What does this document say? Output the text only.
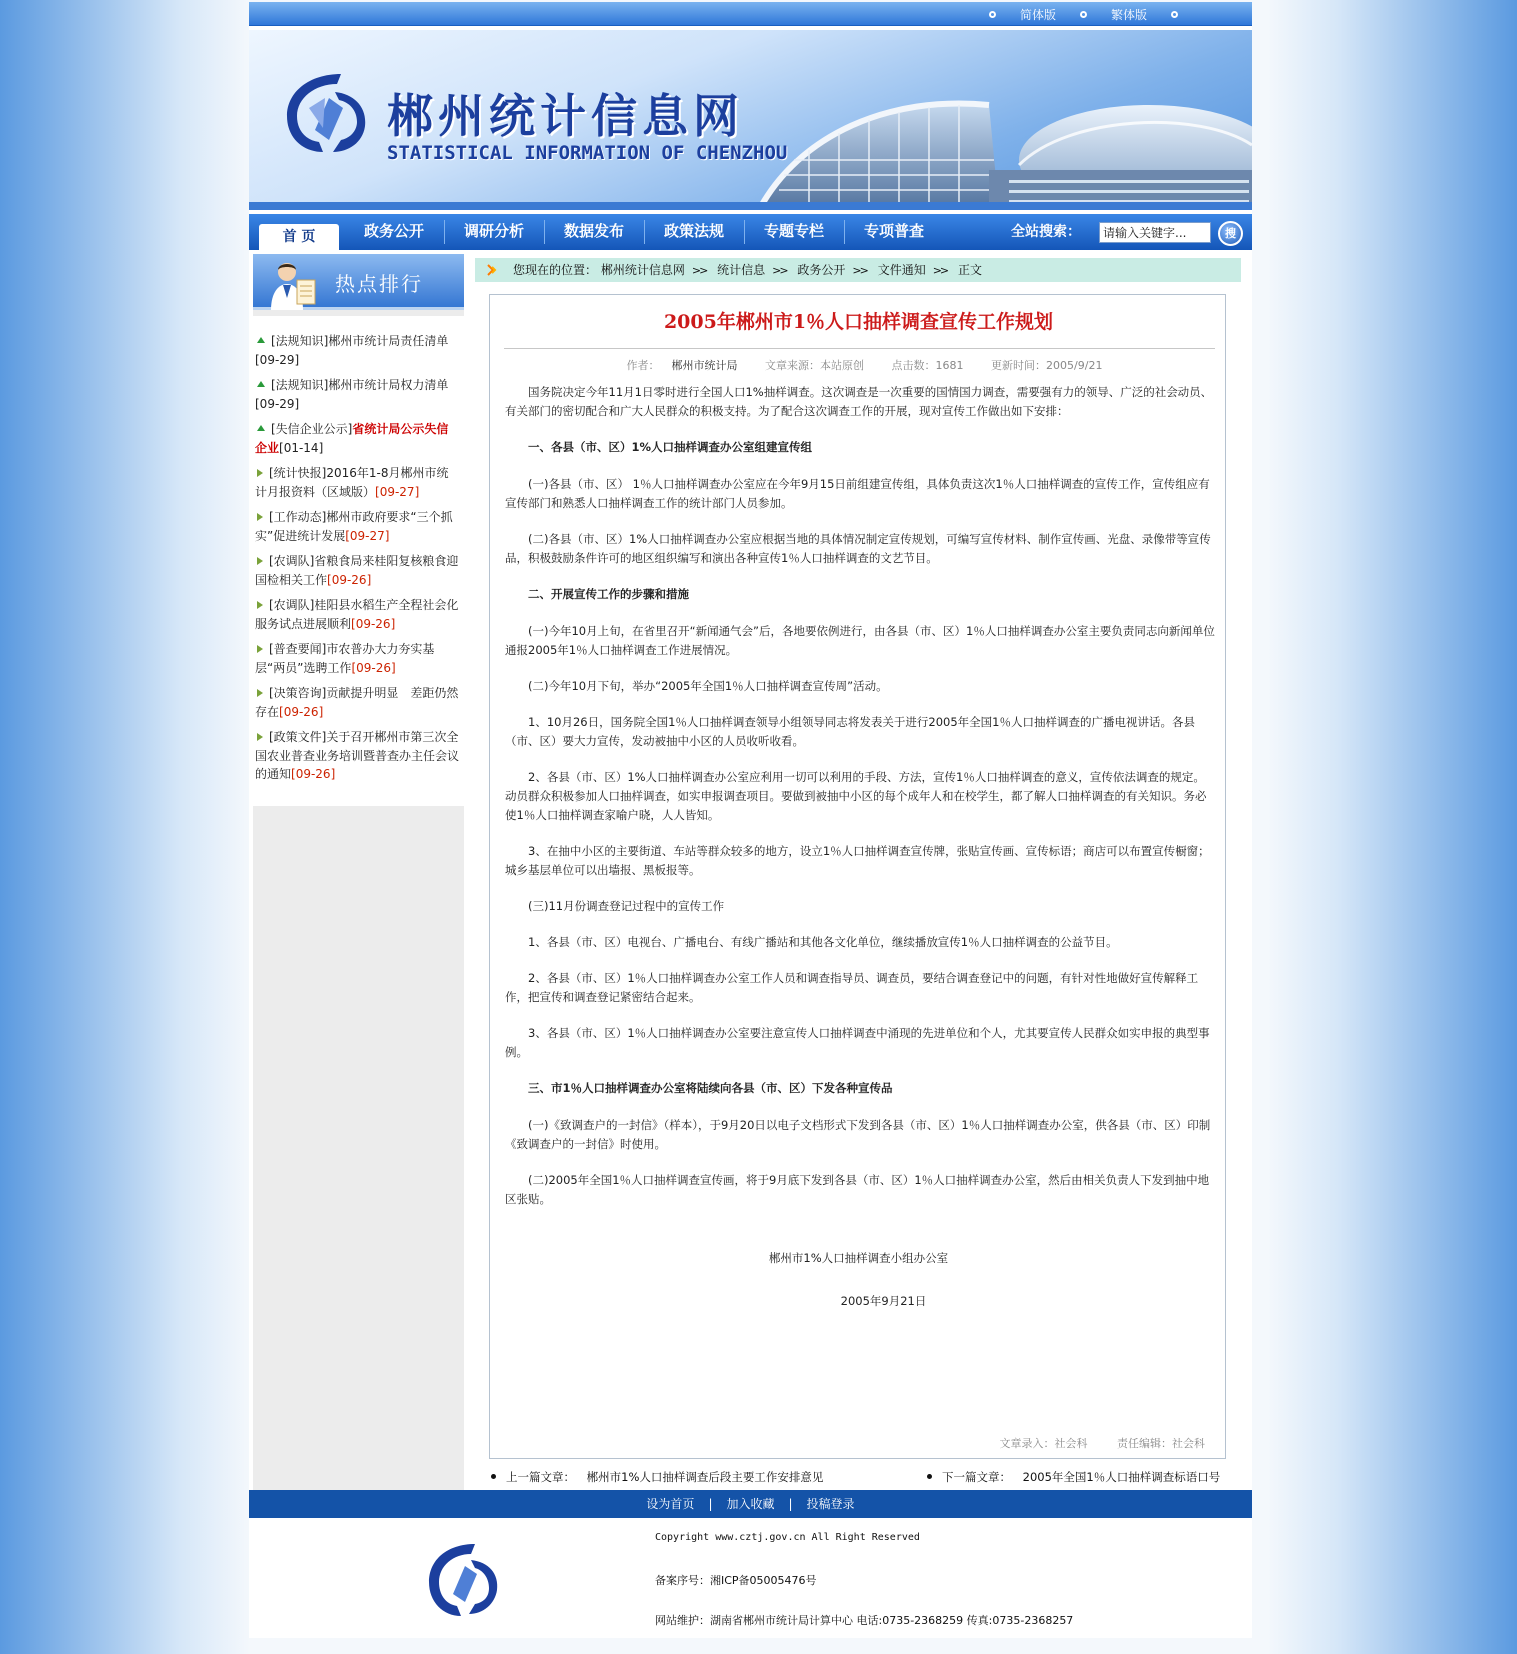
简体版	繁体版
郴州统计信息网
STATISTICAL INFORMATION OF CHENZHOU
首 页	政务公开	调研分析	数据发布	政策法规	专题专栏	专项普查	全站搜索：
请输入关键字...	搜
热点排行
[法规知识]郴州市统计局责任清单[09-29]
[法规知识]郴州市统计局权力清单[09-29]
[失信企业公示]省统计局公示失信企业[01-14]
[统计快报]2016年1-8月郴州市统计月报资料（区域版）[09-27]
[工作动态]郴州市政府要求“三个抓实”促进统计发展[09-27]
[农调队]省粮食局来桂阳复核粮食迎国检相关工作[09-26]
[农调队]桂阳县水稻生产全程社会化服务试点进展顺利[09-26]
[普查要闻]市农普办大力夯实基层“两员”选聘工作[09-26]
[决策咨询]贡献提升明显　差距仍然存在[09-26]
[政策文件]关于召开郴州市第三次全国农业普查业务培训暨普查办主任会议的通知[09-26]
您现在的位置： 郴州统计信息网 >> 统计信息 >> 政务公开 >> 文件通知 >> 正文
2005年郴州市1％人口抽样调查宣传工作规划
作者： 郴州市统计局	文章来源：本站原创	点击数：1681	更新时间：2005/9/21

国务院决定今年11月1日零时进行全国人口1%抽样调查。这次调查是一次重要的国情国力调查，需要强有力的领导、广泛的社会动员、有关部门的密切配合和广大人民群众的积极支持。为了配合这次调查工作的开展，现对宣传工作做出如下安排：

一、各县（市、区）1%人口抽样调查办公室组建宣传组

(一)各县（市、区） 1％人口抽样调查办公室应在今年9月15日前组建宣传组，具体负责这次1％人口抽样调查的宣传工作，宣传组应有宣传部门和熟悉人口抽样调查工作的统计部门人员参加。

(二)各县（市、区）1%人口抽样调查办公室应根据当地的具体情况制定宣传规划，可编写宣传材料、制作宣传画、光盘、录像带等宣传品，积极鼓励条件许可的地区组织编写和演出各种宣传1％人口抽样调查的文艺节目。

二、开展宣传工作的步骤和措施

(一)今年10月上旬，在省里召开“新闻通气会”后，各地要依例进行，由各县（市、区）1％人口抽样调查办公室主要负责同志向新闻单位通报2005年1％人口抽样调查工作进展情况。

(二)今年10月下旬，举办“2005年全国1％人口抽样调查宣传周”活动。

1、10月26日，国务院全国1％人口抽样调查领导小组领导同志将发表关于进行2005年全国1％人口抽样调查的广播电视讲话。各县（市、区）要大力宣传，发动被抽中小区的人员收听收看。

2、各县（市、区）1%人口抽样调查办公室应利用一切可以利用的手段、方法，宣传1％人口抽样调查的意义，宣传依法调查的规定。动员群众积极参加人口抽样调查，如实申报调查项目。要做到被抽中小区的每个成年人和在校学生，都了解人口抽样调查的有关知识。务必使1％人口抽样调查家喻户晓，人人皆知。

3、在抽中小区的主要街道、车站等群众较多的地方，设立1％人口抽样调查宣传牌，张贴宣传画、宣传标语；商店可以布置宣传橱窗；城乡基层单位可以出墙报、黑板报等。

(三)11月份调查登记过程中的宣传工作

1、各县（市、区）电视台、广播电台、有线广播站和其他各文化单位，继续播放宣传1％人口抽样调查的公益节目。

2、各县（市、区）1％人口抽样调查办公室工作人员和调查指导员、调查员，要结合调查登记中的问题，有针对性地做好宣传解释工作，把宣传和调查登记紧密结合起来。

3、各县（市、区）1％人口抽样调查办公室要注意宣传人口抽样调查中涌现的先进单位和个人，尤其要宣传人民群众如实申报的典型事例。

三、市1％人口抽样调查办公室将陆续向各县（市、区）下发各种宣传品

(一)《致调查户的一封信》（样本），于9月20日以电子文档形式下发到各县（市、区）1％人口抽样调查办公室，供各县（市、区）印制《致调查户的一封信》时使用。

(二)2005年全国1％人口抽样调查宣传画，将于9月底下发到各县（市、区）1％人口抽样调查办公室，然后由相关负责人下发到抽中地区张贴。

郴州市1%人口抽样调查小组办公室
2005年9月21日
文章录入：社会科	责任编辑：社会科
上一篇文章： 郴州市1%人口抽样调查后段主要工作安排意见	下一篇文章： 2005年全国1％人口抽样调查标语口号
设为首页 | 加入收藏 | 投稿登录
Copyright www.cztj.gov.cn All Right Reserved
备案序号：湘ICP备05005476号
网站维护：湖南省郴州市统计局计算中心 电话:0735-2368259 传真:0735-2368257
